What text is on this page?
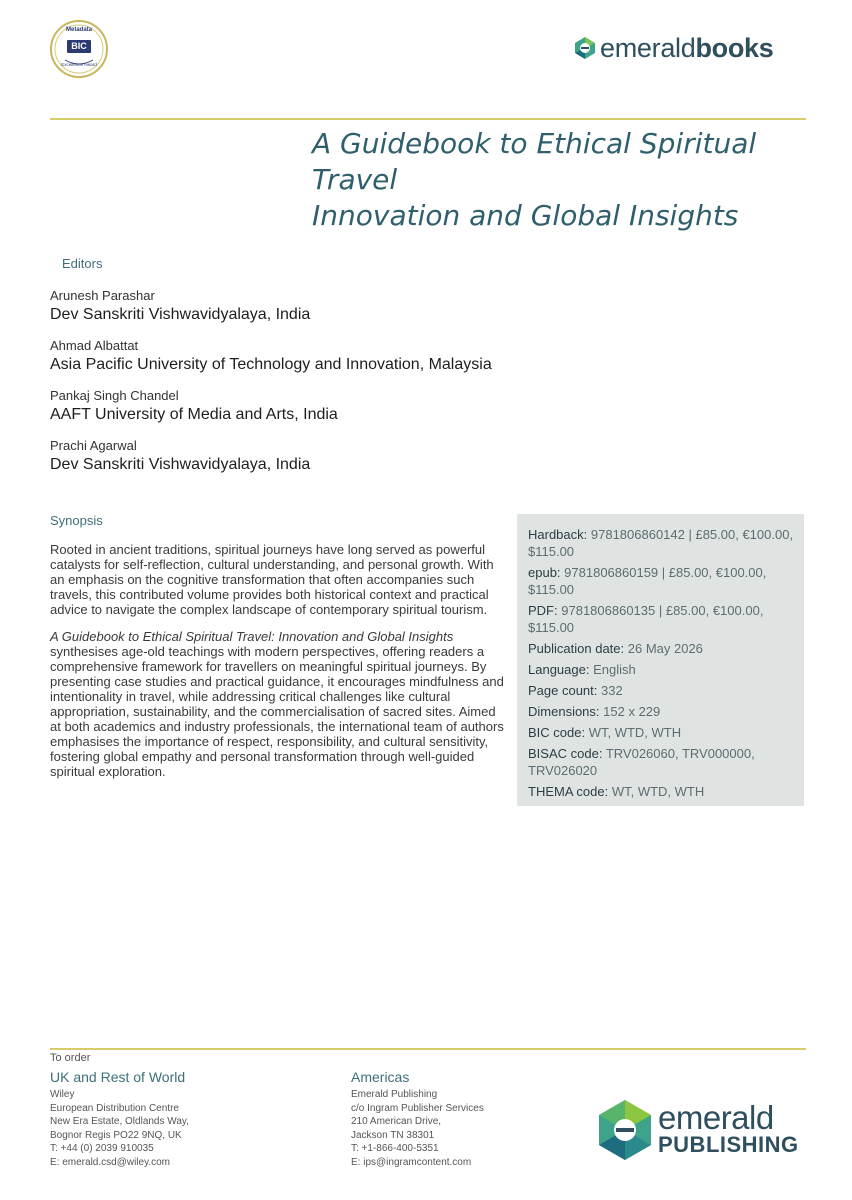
Metadata
BIC
Excellence Award
emeraldbooks
A Guidebook to Ethical Spiritual
Travel
Innovation and Global Insights
Editors
Arunesh Parashar
Dev Sanskriti Vishwavidyalaya, India
Ahmad Albattat
Asia Pacific University of Technology and Innovation, Malaysia
Pankaj Singh Chandel
AAFT University of Media and Arts, India
Prachi Agarwal
Dev Sanskriti Vishwavidyalaya, India
Synopsis

Rooted in ancient traditions, spiritual journeys have long served as powerful catalysts for self-reflection, cultural understanding, and personal growth. With an emphasis on the cognitive transformation that often accompanies such travels, this contributed volume provides both historical context and practical advice to navigate the complex landscape of contemporary spiritual tourism.

A Guidebook to Ethical Spiritual Travel: Innovation and Global Insights synthesises age-old teachings with modern perspectives, offering readers a comprehensive framework for travellers on meaningful spiritual journeys. By presenting case studies and practical guidance, it encourages mindfulness and intentionality in travel, while addressing critical challenges like cultural appropriation, sustainability, and the commercialisation of sacred sites. Aimed at both academics and industry professionals, the international team of authors emphasises the importance of respect, responsibility, and cultural sensitivity, fostering global empathy and personal transformation through well-guided spiritual exploration.

Hardback: 9781806860142 | £85.00, €100.00, $115.00
epub: 9781806860159 | £85.00, €100.00, $115.00
PDF: 9781806860135 | £85.00, €100.00, $115.00
Publication date: 26 May 2026
Language: English
Page count: 332
Dimensions: 152 x 229
BIC code: WT, WTD, WTH
BISAC code: TRV026060, TRV000000, TRV026020
THEMA code: WT, WTD, WTH
To order
UK and Rest of World
Wiley
European Distribution Centre
New Era Estate, Oldlands Way,
Bognor Regis PO22 9NQ, UK
T: +44 (0) 2039 910035
E: emerald.csd@wiley.com
Americas
Emerald Publishing
c/o Ingram Publisher Services
210 American Drive,
Jackson TN 38301
T: +1-866-400-5351
E: ips@ingramcontent.com
emerald
PUBLISHING
